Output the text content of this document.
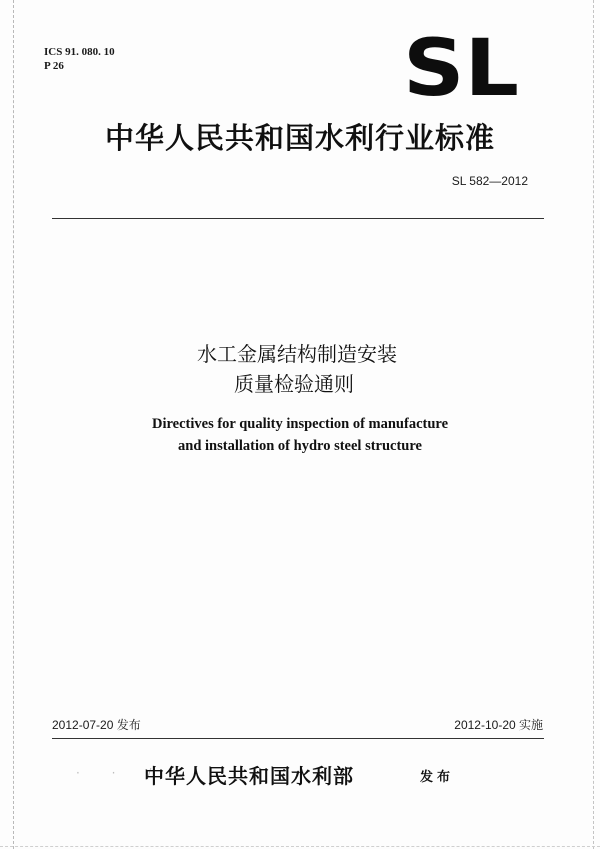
ICS 91. 080. 10
P 26	SL
中华人民共和国水利行业标准
SL 582—2012
水工金属结构制造安装
质量检验通则
Directives for quality inspection of manufacture
and installation of hydro steel structure
2012-07-20 发布	2012-10-20 实施
· · /
中华人民共和国水利部	发布
